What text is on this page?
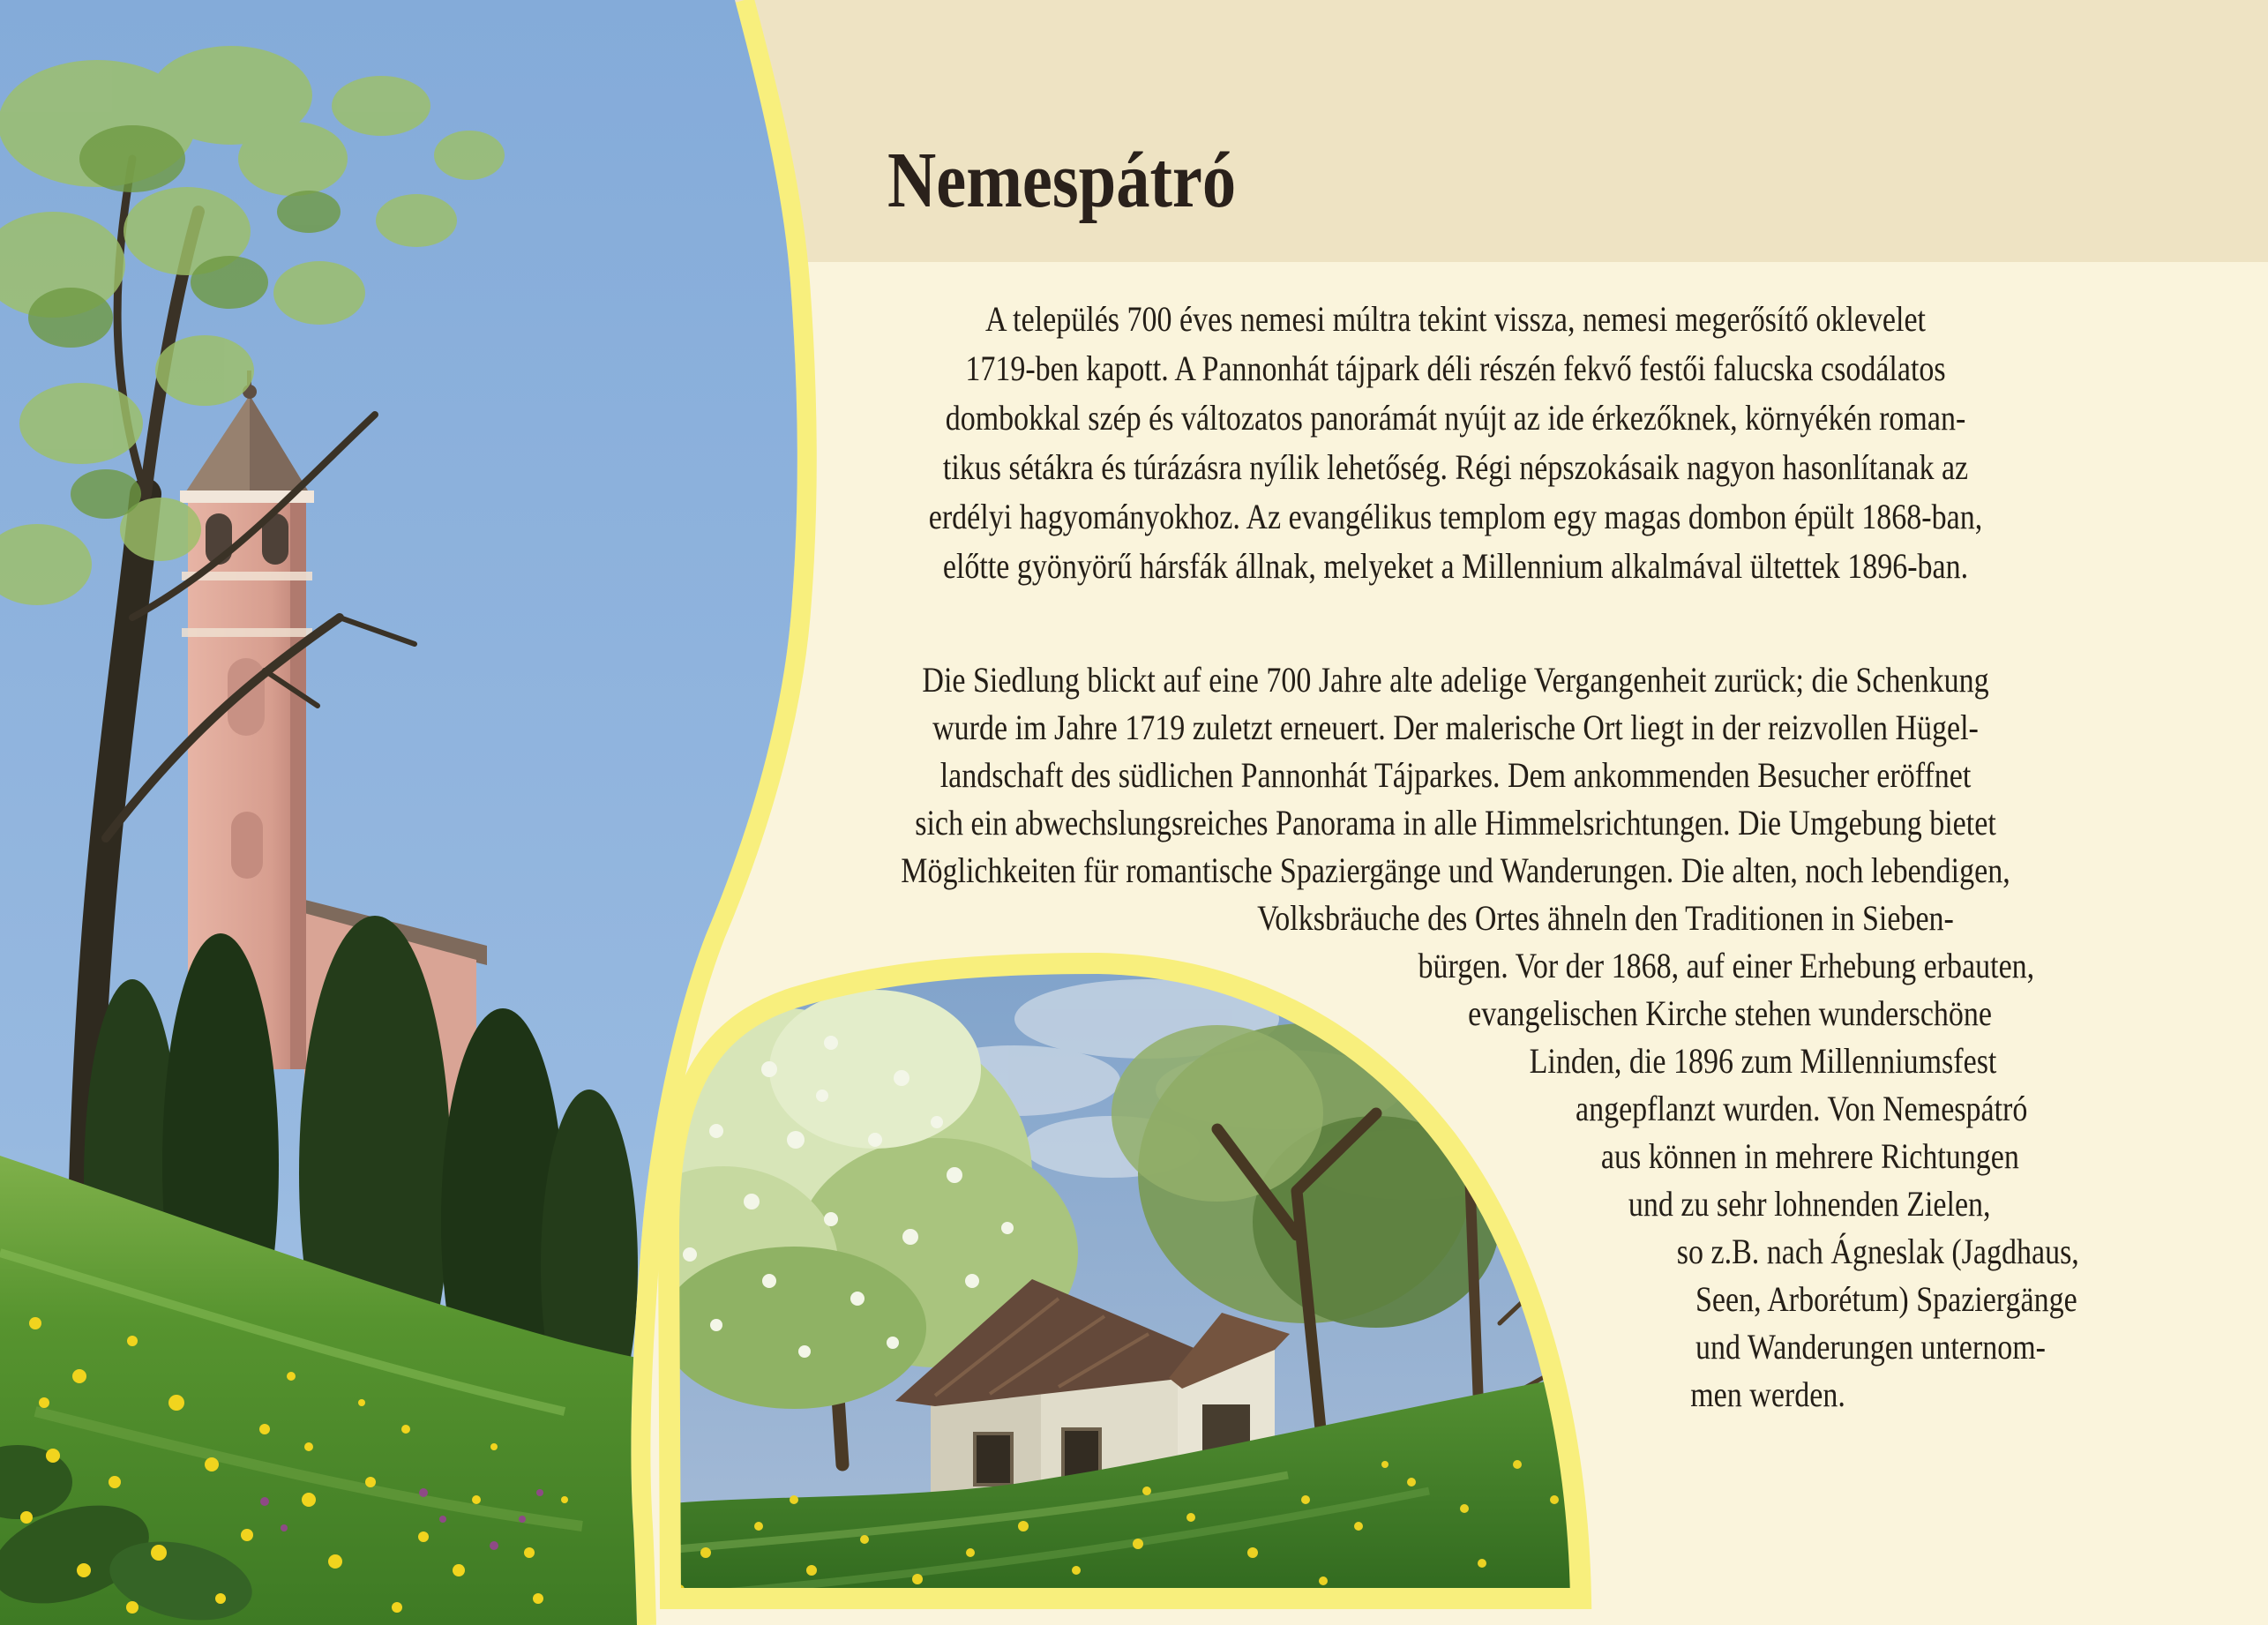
Nemespátró
A település 700 éves nemesi múltra tekint vissza, nemesi megerősítő oklevelet
1719-ben kapott. A Pannonhát tájpark déli részén fekvő festői falucska csodálatos
dombokkal szép és változatos panorámát nyújt az ide érkezőknek, környékén roman-
tikus sétákra és túrázásra nyílik lehetőség. Régi népszokásaik nagyon hasonlítanak az
erdélyi hagyományokhoz. Az evangélikus templom egy magas dombon épült 1868-ban,
előtte gyönyörű hársfák állnak, melyeket a Millennium alkalmával ültettek 1896-ban.
Die Siedlung blickt auf eine 700 Jahre alte adelige Vergangenheit zurück; die Schenkung
wurde im Jahre 1719 zuletzt erneuert. Der malerische Ort liegt in der reizvollen Hügel-
landschaft des südlichen Pannonhát Tájparkes. Dem ankommenden Besucher eröffnet
sich ein abwechslungsreiches Panorama in alle Himmelsrichtungen. Die Umgebung bietet
Möglichkeiten für romantische Spaziergänge und Wanderungen. Die alten, noch lebendigen,
Volksbräuche des Ortes ähneln den Traditionen in Sieben-
bürgen. Vor der 1868, auf einer Erhebung erbauten,
evangelischen Kirche stehen wunderschöne
Linden, die 1896 zum Millenniumsfest
angepflanzt wurden. Von Nemespátró
aus können in mehrere Richtungen
und zu sehr lohnenden Zielen,
so z.B. nach Ágneslak (Jagdhaus,
Seen, Arborétum) Spaziergänge
und Wanderungen unternom-
men werden.
